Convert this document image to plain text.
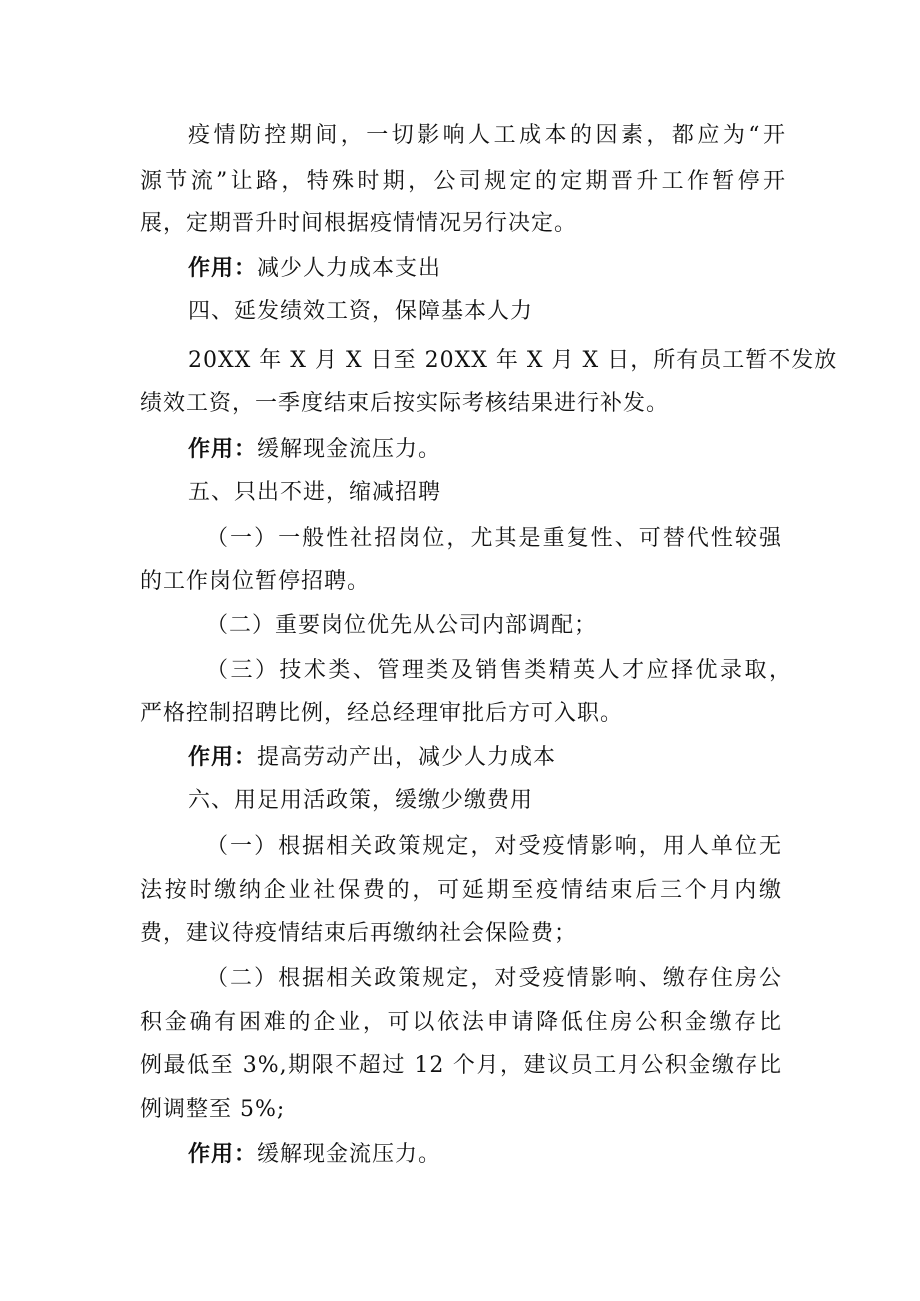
疫情防控期间，一切影响人工成本的因素，都应为“开
源节流”让路，特殊时期，公司规定的定期晋升工作暂停开
展，定期晋升时间根据疫情情况另行决定。
作用：减少人力成本支出
四、延发绩效工资，保障基本人力
20XX 年 X 月 X 日至 20XX 年 X 月 X 日，所有员工暂不发放
绩效工资，一季度结束后按实际考核结果进行补发。
作用：缓解现金流压力。
五、只出不进，缩减招聘
（一）一般性社招岗位，尤其是重复性、可替代性较强
的工作岗位暂停招聘。
（二）重要岗位优先从公司内部调配；
（三）技术类、管理类及销售类精英人才应择优录取，
严格控制招聘比例，经总经理审批后方可入职。
作用：提高劳动产出，减少人力成本
六、用足用活政策，缓缴少缴费用
（一）根据相关政策规定，对受疫情影响，用人单位无
法按时缴纳企业社保费的，可延期至疫情结束后三个月内缴
费，建议待疫情结束后再缴纳社会保险费；
（二）根据相关政策规定，对受疫情影响、缴存住房公
积金确有困难的企业，可以依法申请降低住房公积金缴存比
例最低至 3%,期限不超过 12 个月，建议员工月公积金缴存比
例调整至 5%;
作用：缓解现金流压力。
